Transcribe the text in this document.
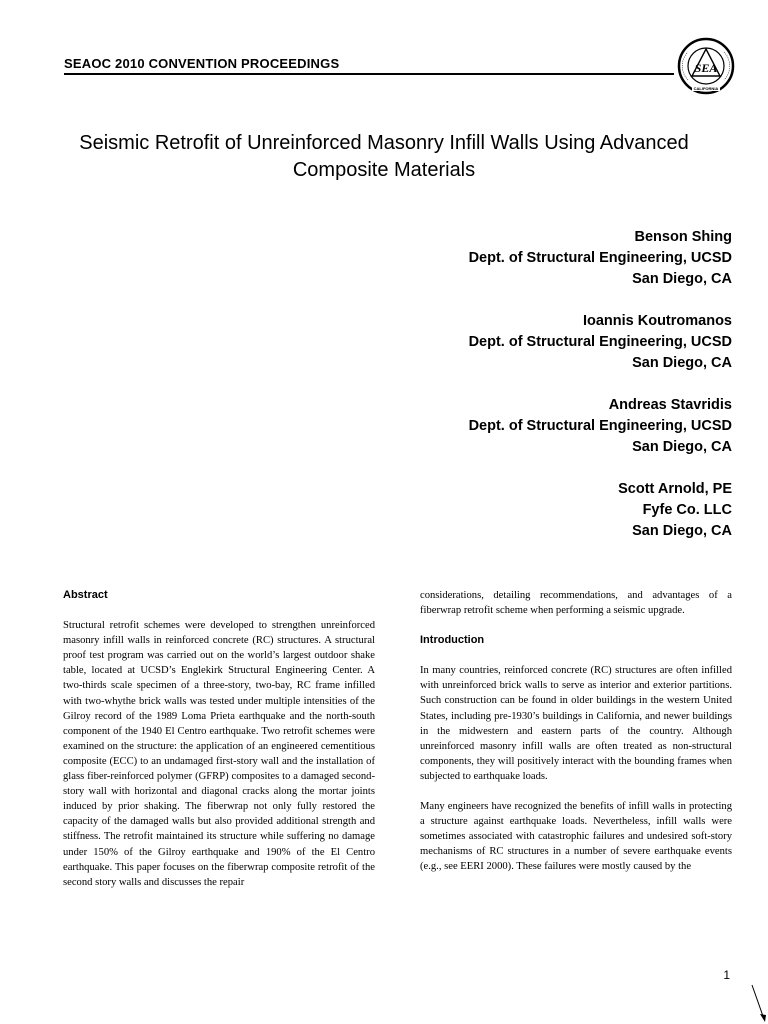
SEAOC 2010 CONVENTION PROCEEDINGS	SEA
CALIFORNIA
Seismic Retrofit of Unreinforced Masonry Infill Walls Using Advanced Composite Materials
Benson Shing
Dept. of Structural Engineering, UCSD
San Diego, CA
Ioannis Koutromanos
Dept. of Structural Engineering, UCSD
San Diego, CA
Andreas Stavridis
Dept. of Structural Engineering, UCSD
San Diego, CA
Scott Arnold, PE
Fyfe Co. LLC
San Diego, CA
Abstract
Structural retrofit schemes were developed to strengthen unreinforced masonry infill walls in reinforced concrete (RC) structures. A structural proof test program was carried out on the world’s largest outdoor shake table, located at UCSD’s Englekirk Structural Engineering Center. A two-thirds scale specimen of a three-story, two-bay, RC frame infilled with two-whythe brick walls was tested under multiple intensities of the Gilroy record of the 1989 Loma Prieta earthquake and the north-south component of the 1940 El Centro earthquake. Two retrofit schemes were examined on the structure: the application of an engineered cementitious composite (ECC) to an undamaged first-story wall and the installation of glass fiber-reinforced polymer (GFRP) composites to a damaged second-story wall with horizontal and diagonal cracks along the mortar joints induced by prior shaking. The fiberwrap not only fully restored the capacity of the damaged walls but also provided additional strength and stiffness. The retrofit maintained its structure while suffering no damage under 150% of the Gilroy earthquake and 190% of the El Centro earthquake. This paper focuses on the fiberwrap composite retrofit of the second story walls and discusses the repair
considerations, detailing recommendations, and advantages of a fiberwrap retrofit scheme when performing a seismic upgrade.
Introduction
In many countries, reinforced concrete (RC) structures are often infilled with unreinforced brick walls to serve as interior and exterior partitions. Such construction can be found in older buildings in the western United States, including pre-1930’s buildings in California, and newer buildings in the midwestern and eastern parts of the country. Although unreinforced masonry infill walls are often treated as non-structural components, they will positively interact with the bounding frames when subjected to earthquake loads.
Many engineers have recognized the benefits of infill walls in protecting a structure against earthquake loads. Nevertheless, infill walls were sometimes associated with catastrophic failures and undesired soft-story mechanisms of RC structures in a number of severe earthquake events (e.g., see EERI 2000). These failures were mostly caused by the
1
